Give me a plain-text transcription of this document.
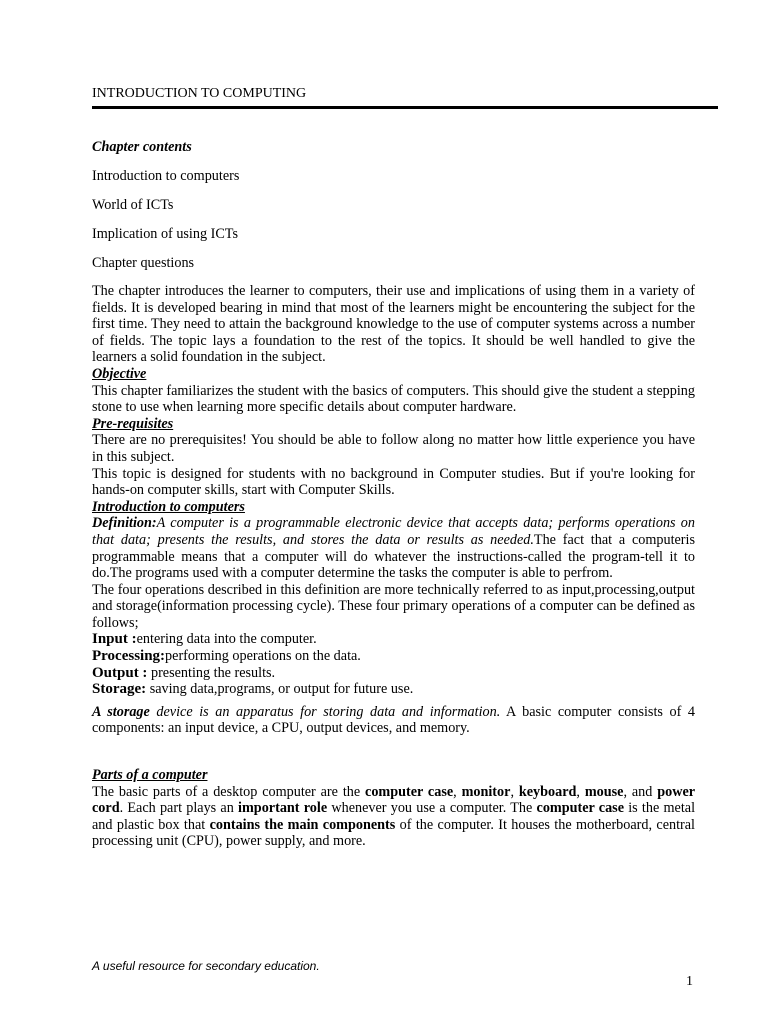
INTRODUCTION TO COMPUTING
Chapter contents
Introduction to computers
World of ICTs
Implication of using ICTs
Chapter questions

The chapter introduces the learner to computers, their use and implications of using them in a variety of fields. It is developed bearing in mind that most of the learners might be encountering the subject for the first time. They need to attain the background knowledge to the use of computer systems across a number of fields. The topic lays a foundation to the rest of the topics. It should be well handled to give the learners a solid foundation in the subject.

Objective

This chapter familiarizes the student with the basics of computers. This should give the student a stepping stone to use when learning more specific details about computer hardware.

Pre-requisites

There are no prerequisites! You should be able to follow along no matter how little experience you have in this subject.

This topic is designed for students with no background in Computer studies. But if you're looking for hands-on computer skills, start with Computer Skills.

Introduction to computers

Definition:A computer is a programmable electronic device that accepts data; performs operations on that data; presents the results, and stores the data or results as needed.The fact that a computeris programmable means that a computer will do whatever the instructions-called the program-tell it to do.The programs used with a computer determine the tasks the computer is able to perfrom.

The four operations described in this definition are more technically referred to as input,processing,output and storage(information processing cycle). These four primary operations of a computer can be defined as follows;

Input :entering data into the computer.
Processing:performing operations on the data.
Output : presenting the results.
Storage: saving data,programs, or output for future use.

A storage device is an apparatus for storing data and information. A basic computer consists of 4 components: an input device, a CPU, output devices, and memory.

Parts of a computer

The basic parts of a desktop computer are the computer case, monitor, keyboard, mouse, and power cord. Each part plays an important role whenever you use a computer. The computer case is the metal and plastic box that contains the main components of the computer. It houses the motherboard, central processing unit (CPU), power supply, and more.

A useful resource for secondary education.
1
